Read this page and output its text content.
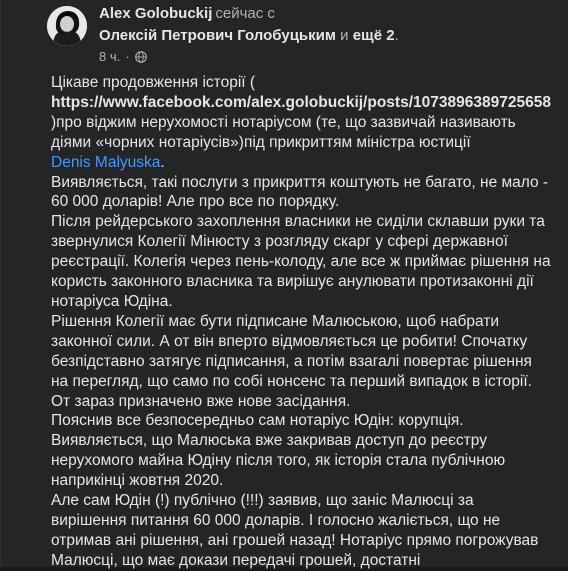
Alex Golobuckij сейчас с
Олексій Петрович Голобуцьким и ещё 2.
8 ч. ·

Цікаве продовження історії (
https://www.facebook.com/alex.golobuckij/posts/1073896389725658
)про віджим нерухомості нотаріусом (те, що зазвичай називають діями «чорних нотаріусів»)під прикриттям міністра юстиції
Denis Malyuska.

Виявляється, такі послуги з прикриття коштують не багато, не мало - 60 000 доларів! Але про все по порядку.

Після рейдерського захоплення власники не сиділи склавши руки та звернулися Колегії Мінюсту з розгляду скарг у сфері державної реєстрації. Колегія через пень-колоду, але все ж приймає рішення на користь законного власника та вирішує анулювати протизаконні дії нотаріуса Юдіна.

Рішення Колегії має бути підписане Малюською, щоб набрати законної сили. А от він вперто відмовляється це робити! Спочатку безпідставно затягує підписання, а потім взагалі повертає рішення на перегляд, що само по собі нонсенс та перший випадок в історії. От зараз призначено вже нове засідання.

Пояснив все безпосередньо сам нотаріус Юдін: корупція.

Виявляється, що Малюська вже закривав доступ до реєстру нерухомого майна Юдіну після того, як історія стала публічною наприкінці жовтня 2020.

Але сам Юдін (!) публічно (!!!) заявив, що заніс Малюсці за вирішення питання 60 000 доларів. І голосно жаліється, що не отримав ані рішення, ані грошей назад! Нотаріус прямо погрожував Малюсці, що має докази передачі грошей, достатні
